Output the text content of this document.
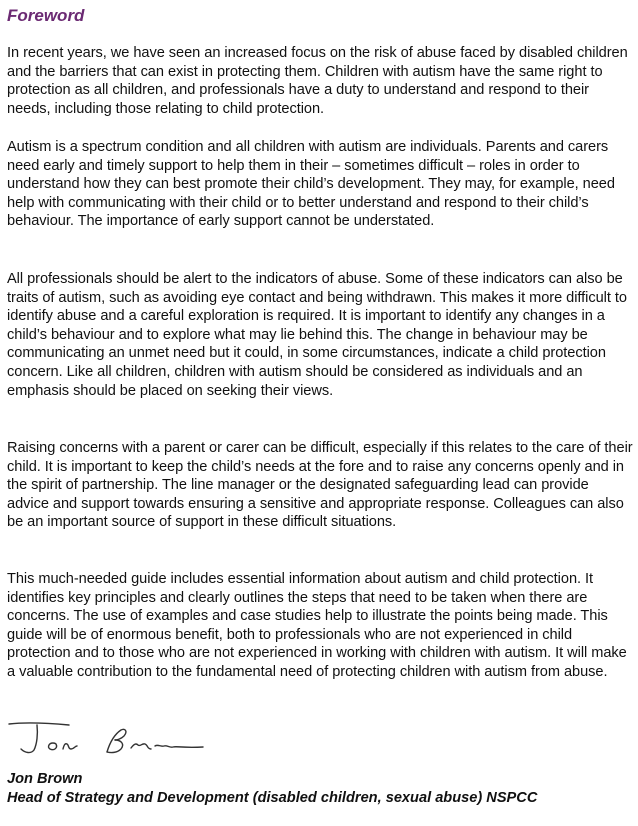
Foreword

In recent years, we have seen an increased focus on the risk of abuse faced by disabled children and the barriers that can exist in protecting them. Children with autism have the same right to protection as all children, and professionals have a duty to understand and respond to their needs, including those relating to child protection.

Autism is a spectrum condition and all children with autism are individuals. Parents and carers need early and timely support to help them in their – sometimes difficult – roles in order to understand how they can best promote their child’s development. They may, for example, need help with communicating with their child or to better understand and respond to their child’s behaviour. The importance of early support cannot be understated.

All professionals should be alert to the indicators of abuse. Some of these indicators can also be traits of autism, such as avoiding eye contact and being withdrawn. This makes it more difficult to identify abuse and a careful exploration is required. It is important to identify any changes in a child’s behaviour and to explore what may lie behind this. The change in behaviour may be communicating an unmet need but it could, in some circumstances, indicate a child protection concern. Like all children, children with autism should be considered as individuals and an emphasis should be placed on seeking their views.

Raising concerns with a parent or carer can be difficult, especially if this relates to the care of their child. It is important to keep the child’s needs at the fore and to raise any concerns openly and in the spirit of partnership. The line manager or the designated safeguarding lead can provide advice and support towards ensuring a sensitive and appropriate response. Colleagues can also be an important source of support in these difficult situations.

This much-needed guide includes essential information about autism and child protection. It identifies key principles and clearly outlines the steps that need to be taken when there are concerns. The use of examples and case studies help to illustrate the points being made. This guide will be of enormous benefit, both to professionals who are not experienced in child protection and to those who are not experienced in working with children with autism. It will make a valuable contribution to the fundamental need of protecting children with autism from abuse.

Jon Brown

Head of Strategy and Development (disabled children, sexual abuse) NSPCC
